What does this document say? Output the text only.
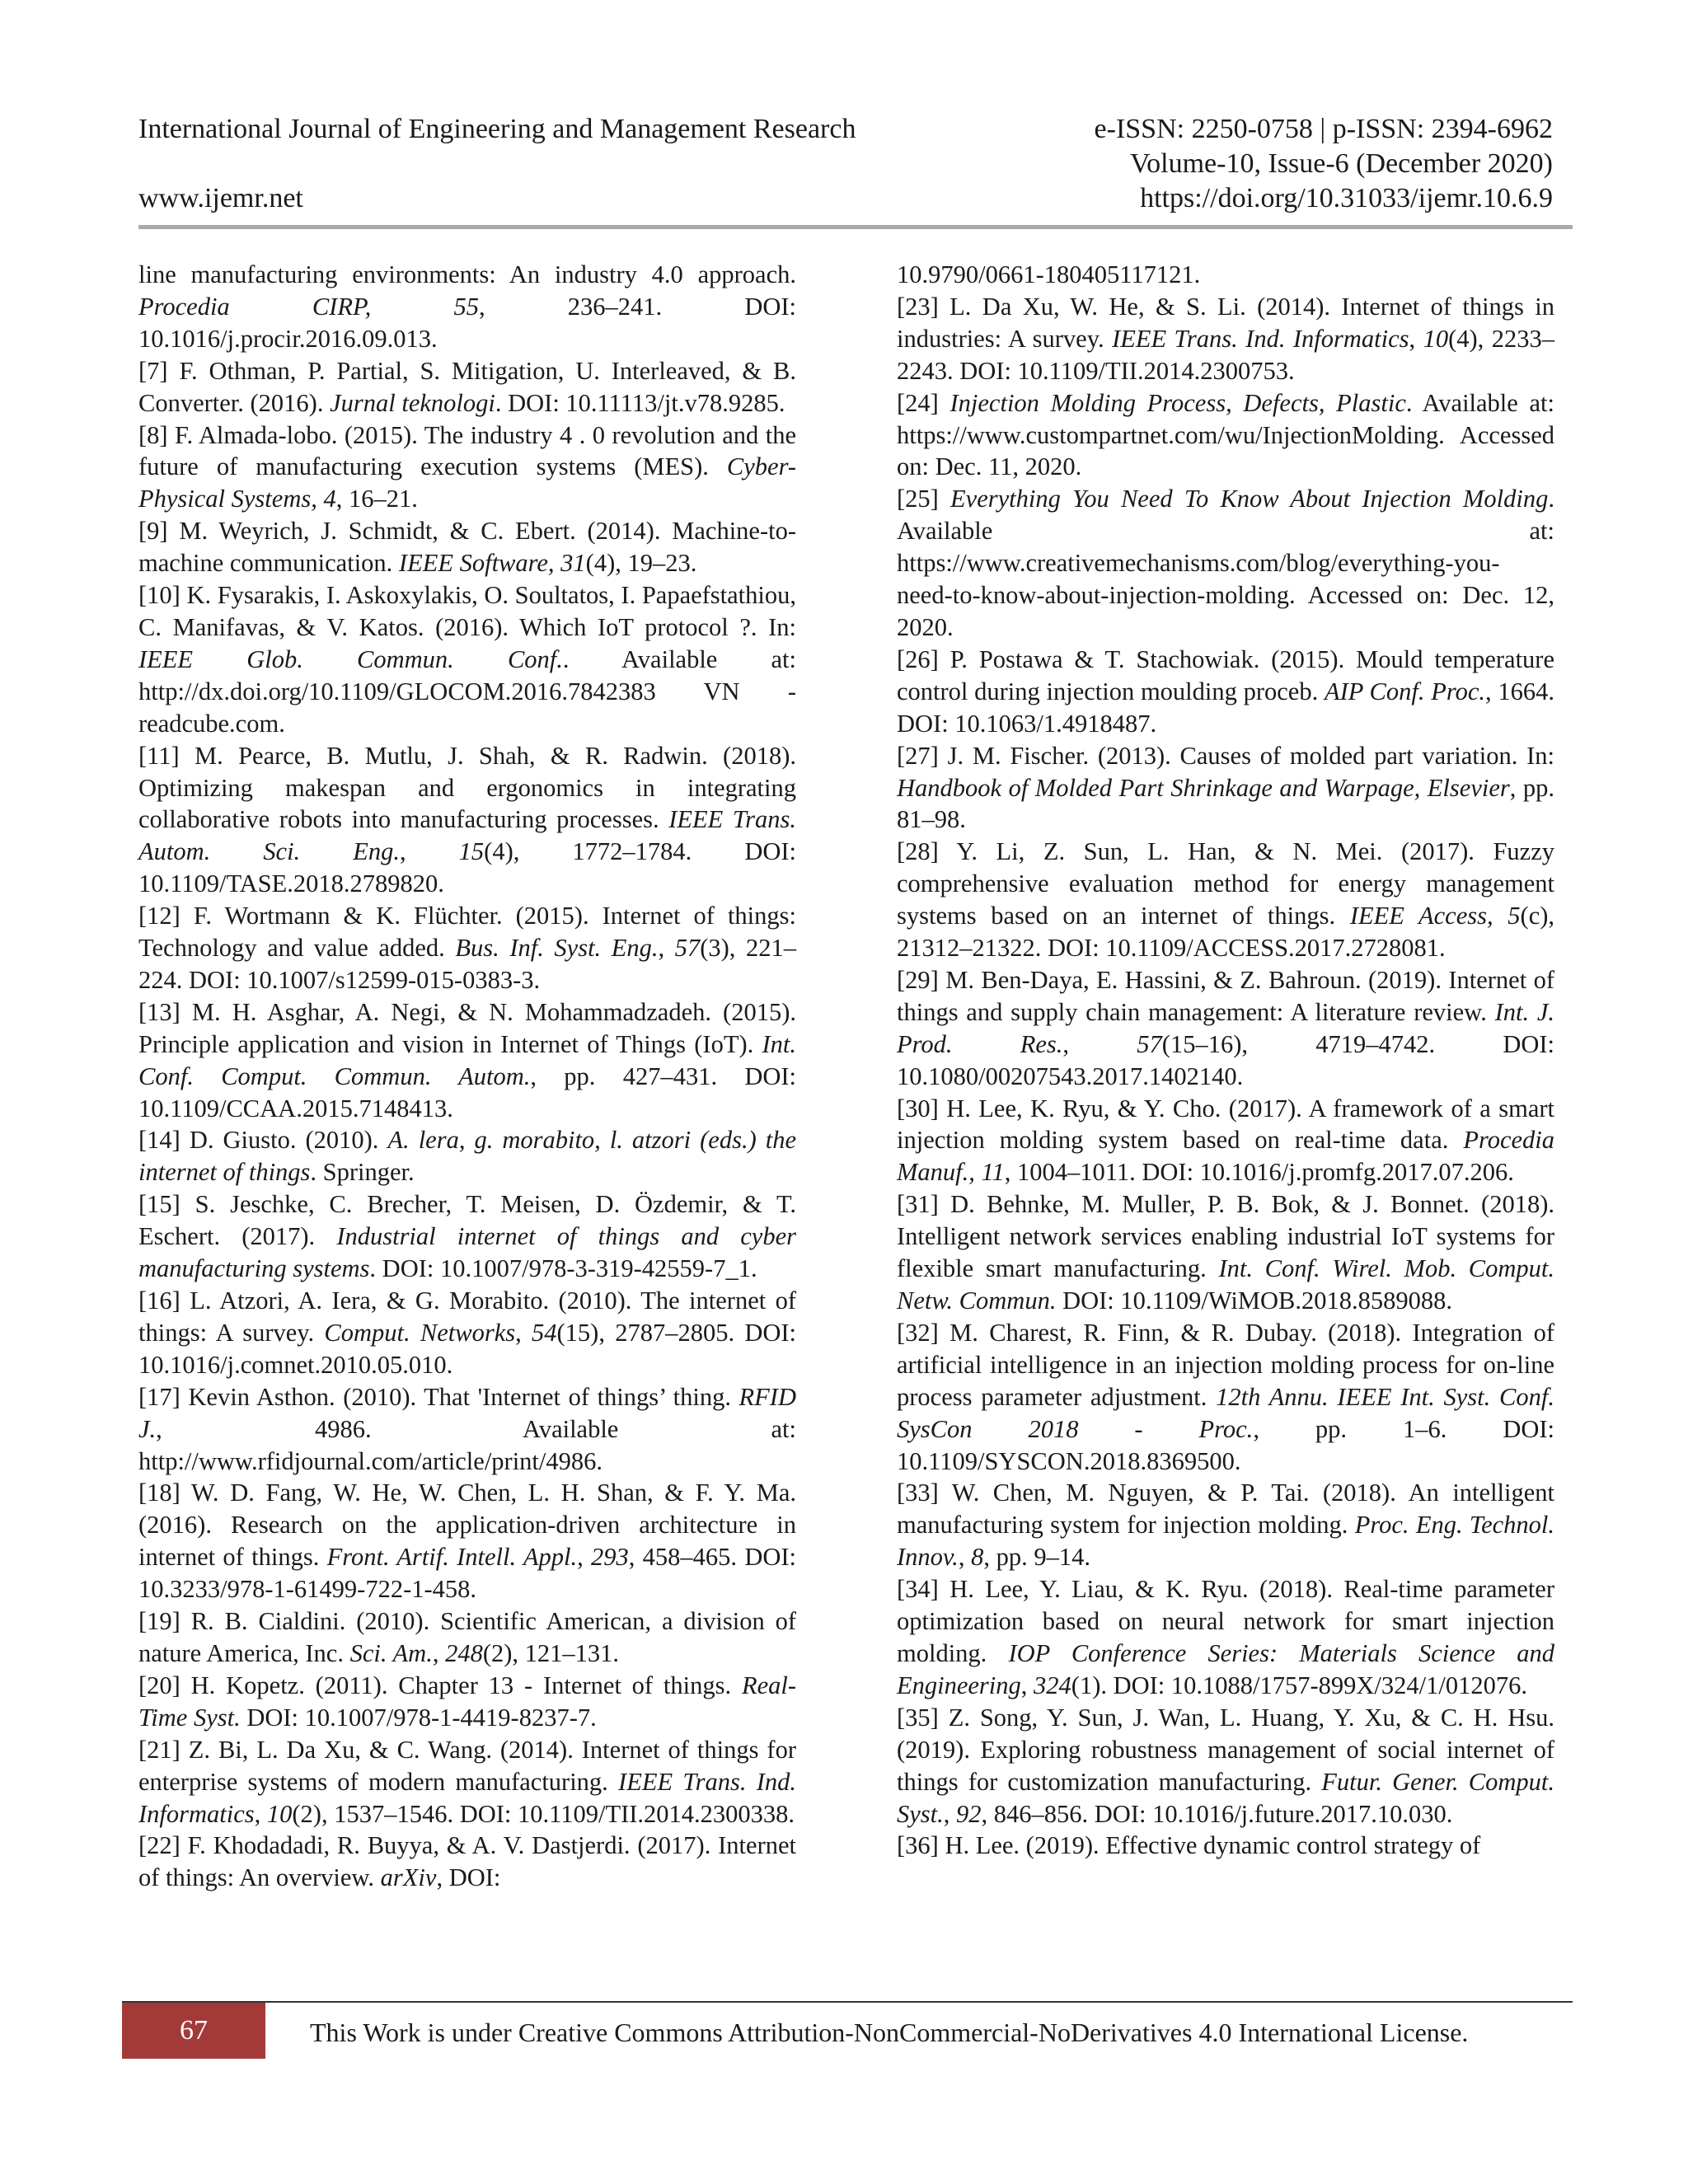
International Journal of Engineering and Management Research
www.ijemr.net
e-ISSN: 2250-0758 | p-ISSN: 2394-6962
Volume-10, Issue-6 (December 2020)
https://doi.org/10.31033/ijemr.10.6.9
line manufacturing environments: An industry 4.0 approach. Procedia CIRP, 55, 236–241. DOI: 10.1016/j.procir.2016.09.013.
[7] F. Othman, P. Partial, S. Mitigation, U. Interleaved, & B. Converter. (2016). Jurnal teknologi. DOI: 10.11113/jt.v78.9285.
[8] F. Almada-lobo. (2015). The industry 4 . 0 revolution and the future of manufacturing execution systems (MES). Cyber-Physical Systems, 4, 16–21.
[9] M. Weyrich, J. Schmidt, & C. Ebert. (2014). Machine-to-machine communication. IEEE Software, 31(4), 19–23.
[10] K. Fysarakis, I. Askoxylakis, O. Soultatos, I. Papaefstathiou, C. Manifavas, & V. Katos. (2016). Which IoT protocol ?. In: IEEE Glob. Commun. Conf.. Available at: http://dx.doi.org/10.1109/GLOCOM.2016.7842383 VN - readcube.com.
[11] M. Pearce, B. Mutlu, J. Shah, & R. Radwin. (2018). Optimizing makespan and ergonomics in integrating collaborative robots into manufacturing processes. IEEE Trans. Autom. Sci. Eng., 15(4), 1772–1784. DOI: 10.1109/TASE.2018.2789820.
[12] F. Wortmann & K. Flüchter. (2015). Internet of things: Technology and value added. Bus. Inf. Syst. Eng., 57(3), 221–224. DOI: 10.1007/s12599-015-0383-3.
[13] M. H. Asghar, A. Negi, & N. Mohammadzadeh. (2015). Principle application and vision in Internet of Things (IoT). Int. Conf. Comput. Commun. Autom., pp. 427–431. DOI: 10.1109/CCAA.2015.7148413.
[14] D. Giusto. (2010). A. lera, g. morabito, l. atzori (eds.) the internet of things. Springer.
[15] S. Jeschke, C. Brecher, T. Meisen, D. Özdemir, & T. Eschert. (2017). Industrial internet of things and cyber manufacturing systems. DOI: 10.1007/978-3-319-42559-7_1.
[16] L. Atzori, A. Iera, & G. Morabito. (2010). The internet of things: A survey. Comput. Networks, 54(15), 2787–2805. DOI: 10.1016/j.comnet.2010.05.010.
[17] Kevin Asthon. (2010). That 'Internet of things’ thing. RFID J., 4986. Available at: http://www.rfidjournal.com/article/print/4986.
[18] W. D. Fang, W. He, W. Chen, L. H. Shan, & F. Y. Ma. (2016). Research on the application-driven architecture in internet of things. Front. Artif. Intell. Appl., 293, 458–465. DOI: 10.3233/978-1-61499-722-1-458.
[19] R. B. Cialdini. (2010). Scientific American, a division of nature America, Inc. Sci. Am., 248(2), 121–131.
[20] H. Kopetz. (2011). Chapter 13 - Internet of things. Real-Time Syst. DOI: 10.1007/978-1-4419-8237-7.
[21] Z. Bi, L. Da Xu, & C. Wang. (2014). Internet of things for enterprise systems of modern manufacturing. IEEE Trans. Ind. Informatics, 10(2), 1537–1546. DOI: 10.1109/TII.2014.2300338.
[22] F. Khodadadi, R. Buyya, & A. V. Dastjerdi. (2017). Internet of things: An overview. arXiv, DOI:
10.9790/0661-180405117121.
[23] L. Da Xu, W. He, & S. Li. (2014). Internet of things in industries: A survey. IEEE Trans. Ind. Informatics, 10(4), 2233–2243. DOI: 10.1109/TII.2014.2300753.
[24] Injection Molding Process, Defects, Plastic. Available at: https://www.custompartnet.com/wu/InjectionMolding. Accessed on: Dec. 11, 2020.
[25] Everything You Need To Know About Injection Molding. Available at: https://www.creativemechanisms.com/blog/everything-you-need-to-know-about-injection-molding. Accessed on: Dec. 12, 2020.
[26] P. Postawa & T. Stachowiak. (2015). Mould temperature control during injection moulding proceb. AIP Conf. Proc., 1664. DOI: 10.1063/1.4918487.
[27] J. M. Fischer. (2013). Causes of molded part variation. In: Handbook of Molded Part Shrinkage and Warpage, Elsevier, pp. 81–98.
[28] Y. Li, Z. Sun, L. Han, & N. Mei. (2017). Fuzzy comprehensive evaluation method for energy management systems based on an internet of things. IEEE Access, 5(c), 21312–21322. DOI: 10.1109/ACCESS.2017.2728081.
[29] M. Ben-Daya, E. Hassini, & Z. Bahroun. (2019). Internet of things and supply chain management: A literature review. Int. J. Prod. Res., 57(15–16), 4719–4742. DOI: 10.1080/00207543.2017.1402140.
[30] H. Lee, K. Ryu, & Y. Cho. (2017). A framework of a smart injection molding system based on real-time data. Procedia Manuf., 11, 1004–1011. DOI: 10.1016/j.promfg.2017.07.206.
[31] D. Behnke, M. Muller, P. B. Bok, & J. Bonnet. (2018). Intelligent network services enabling industrial IoT systems for flexible smart manufacturing. Int. Conf. Wirel. Mob. Comput. Netw. Commun. DOI: 10.1109/WiMOB.2018.8589088.
[32] M. Charest, R. Finn, & R. Dubay. (2018). Integration of artificial intelligence in an injection molding process for on-line process parameter adjustment. 12th Annu. IEEE Int. Syst. Conf. SysCon 2018 - Proc., pp. 1–6. DOI: 10.1109/SYSCON.2018.8369500.
[33] W. Chen, M. Nguyen, & P. Tai. (2018). An intelligent manufacturing system for injection molding. Proc. Eng. Technol. Innov., 8, pp. 9–14.
[34] H. Lee, Y. Liau, & K. Ryu. (2018). Real-time parameter optimization based on neural network for smart injection molding. IOP Conference Series: Materials Science and Engineering, 324(1). DOI: 10.1088/1757-899X/324/1/012076.
[35] Z. Song, Y. Sun, J. Wan, L. Huang, Y. Xu, & C. H. Hsu. (2019). Exploring robustness management of social internet of things for customization manufacturing. Futur. Gener. Comput. Syst., 92, 846–856. DOI: 10.1016/j.future.2017.10.030.
[36] H. Lee. (2019). Effective dynamic control strategy of
67	This Work is under Creative Commons Attribution-NonCommercial-NoDerivatives 4.0 International License.
